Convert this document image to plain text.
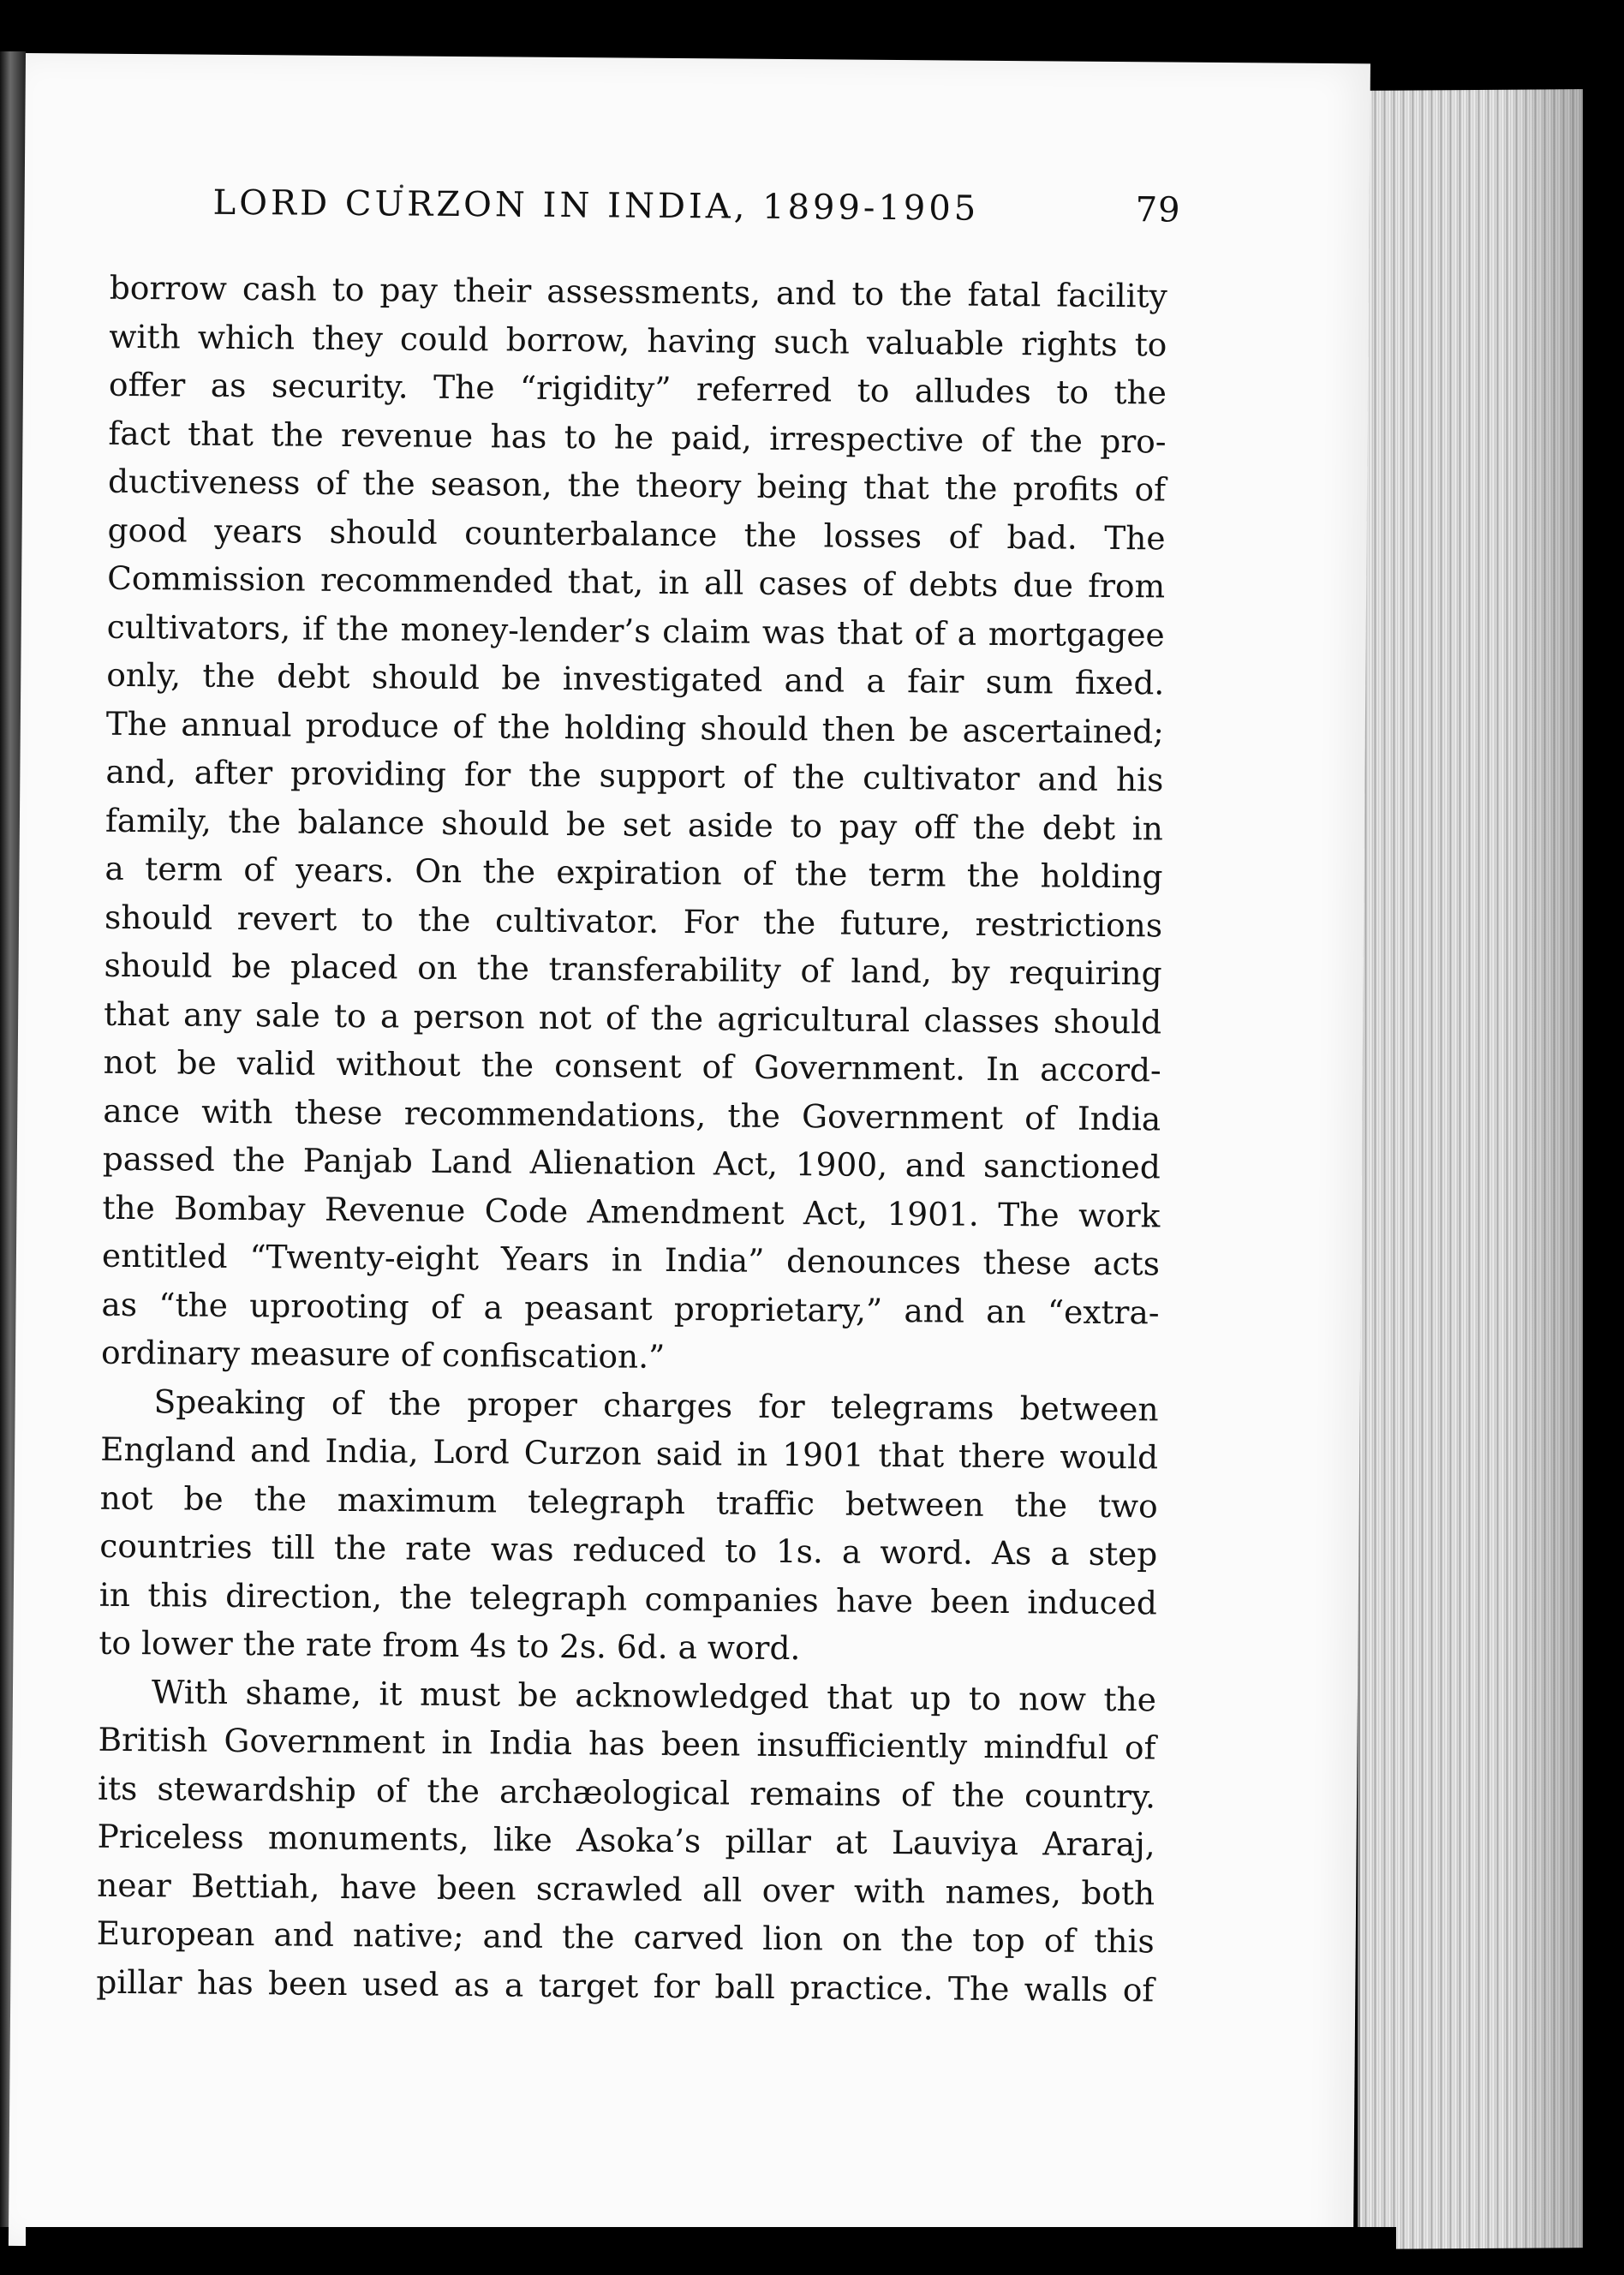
LORD CURZON IN INDIA, 1899-1905	79
borrow cash to pay their assessments, and to the fatal facility
with which they could borrow, having such valuable rights to
offer as security. The “rigidity” referred to alludes to the
fact that the revenue has to he paid, irrespective of the pro-
ductiveness of the season, the theory being that the profits of
good years should counterbalance the losses of bad. The
Commission recommended that, in all cases of debts due from
cultivators, if the money-lender’s claim was that of a mortgagee
only, the debt should be investigated and a fair sum fixed.
The annual produce of the holding should then be ascertained;
and, after providing for the support of the cultivator and his
family, the balance should be set aside to pay off the debt in
a term of years. On the expiration of the term the holding
should revert to the cultivator. For the future, restrictions
should be placed on the transferability of land, by requiring
that any sale to a person not of the agricultural classes should
not be valid without the consent of Government. In accord-
ance with these recommendations, the Government of India
passed the Panjab Land Alienation Act, 1900, and sanctioned
the Bombay Revenue Code Amendment Act, 1901. The work
entitled “Twenty-eight Years in India” denounces these acts
as “the uprooting of a peasant proprietary,” and an “extra-
ordinary measure of confiscation.”
Speaking of the proper charges for telegrams between
England and India, Lord Curzon said in 1901 that there would
not be the maximum telegraph traffic between the two
countries till the rate was reduced to 1s. a word. As a step
in this direction, the telegraph companies have been induced
to lower the rate from 4s to 2s. 6d. a word.
With shame, it must be acknowledged that up to now the
British Government in India has been insufficiently mindful of
its stewardship of the archæological remains of the country.
Priceless monuments, like Asoka’s pillar at Lauviya Araraj,
near Bettiah, have been scrawled all over with names, both
European and native; and the carved lion on the top of this
pillar has been used as a target for ball practice. The walls of
